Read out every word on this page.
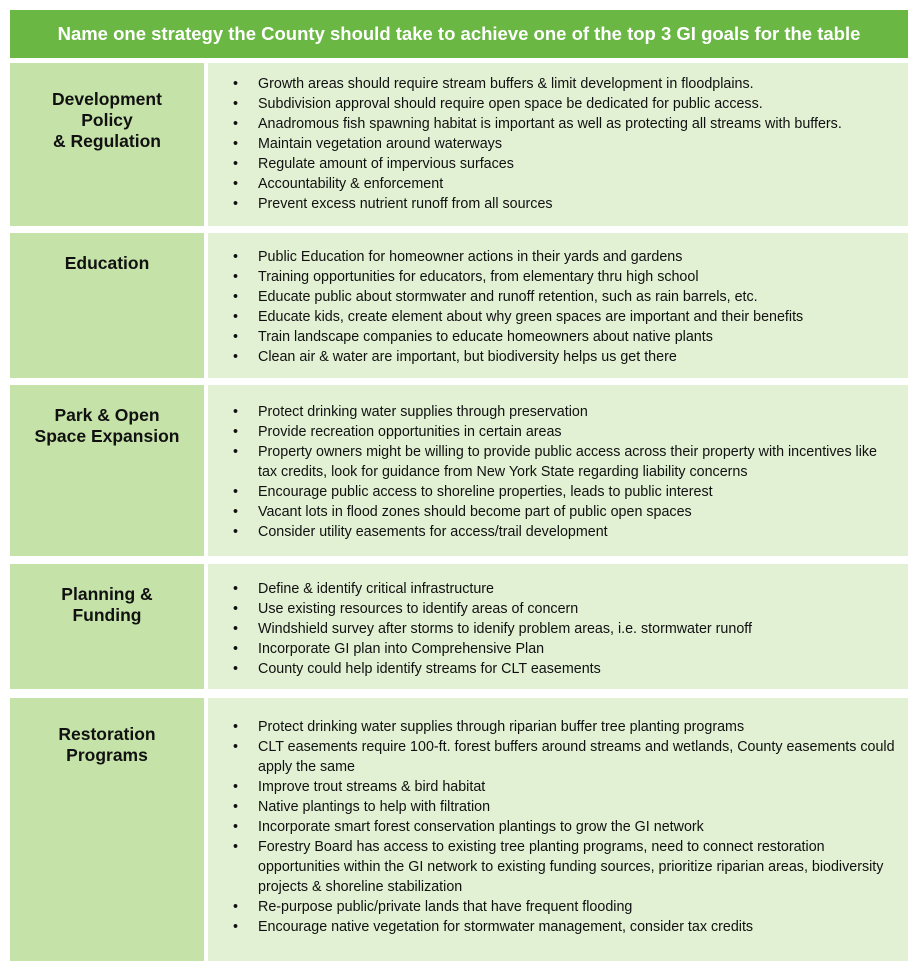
Name one strategy the County should take to achieve one of the top 3 GI goals for the table
Development
Policy
& Regulation
• Growth areas should require stream buffers & limit development in floodplains.
• Subdivision approval should require open space be dedicated for public access.
• Anadromous fish spawning habitat is important as well as protecting all streams with buffers.
• Maintain vegetation around waterways
• Regulate amount of impervious surfaces
• Accountability & enforcement
• Prevent excess nutrient runoff from all sources
Education
•	Public Education for homeowner actions in their yards and gardens
• Training opportunities for educators, from elementary thru high school
• Educate public about stormwater and runoff retention, such as rain barrels, etc.
• Educate kids, create element about why green spaces are important and their benefits
• Train landscape companies to educate homeowners about native plants
• Clean air & water are important, but biodiversity helps us get there
Park & Open
Space Expansion
• Protect drinking water supplies through preservation
• Provide recreation opportunities in certain areas
• Property owners might be willing to provide public access across their property with incentives like tax credits, look for guidance from New York State regarding liability concerns
• Encourage public access to shoreline properties, leads to public interest
• Vacant lots in flood zones should become part of public open spaces
• Consider utility easements for access/trail development
Planning &
Funding
• Define & identify critical infrastructure
• Use existing resources to identify areas of concern
• Windshield survey after storms to idenify problem areas, i.e. stormwater runoff
• Incorporate GI plan into Comprehensive Plan
• County could help identify streams for CLT easements
Restoration
Programs
• Protect drinking water supplies through riparian buffer tree planting programs
• CLT easements require 100-ft. forest buffers around streams and wetlands, County easements could apply the same
• Improve trout streams & bird habitat
• Native plantings to help with filtration
• Incorporate smart forest conservation plantings to grow the GI network
• Forestry Board has access to existing tree planting programs, need to connect restoration opportunities within the GI network to existing funding sources, prioritize riparian areas, biodiversity projects & shoreline stabilization
• Re-purpose public/private lands that have frequent flooding
• Encourage native vegetation for stormwater management, consider tax credits
